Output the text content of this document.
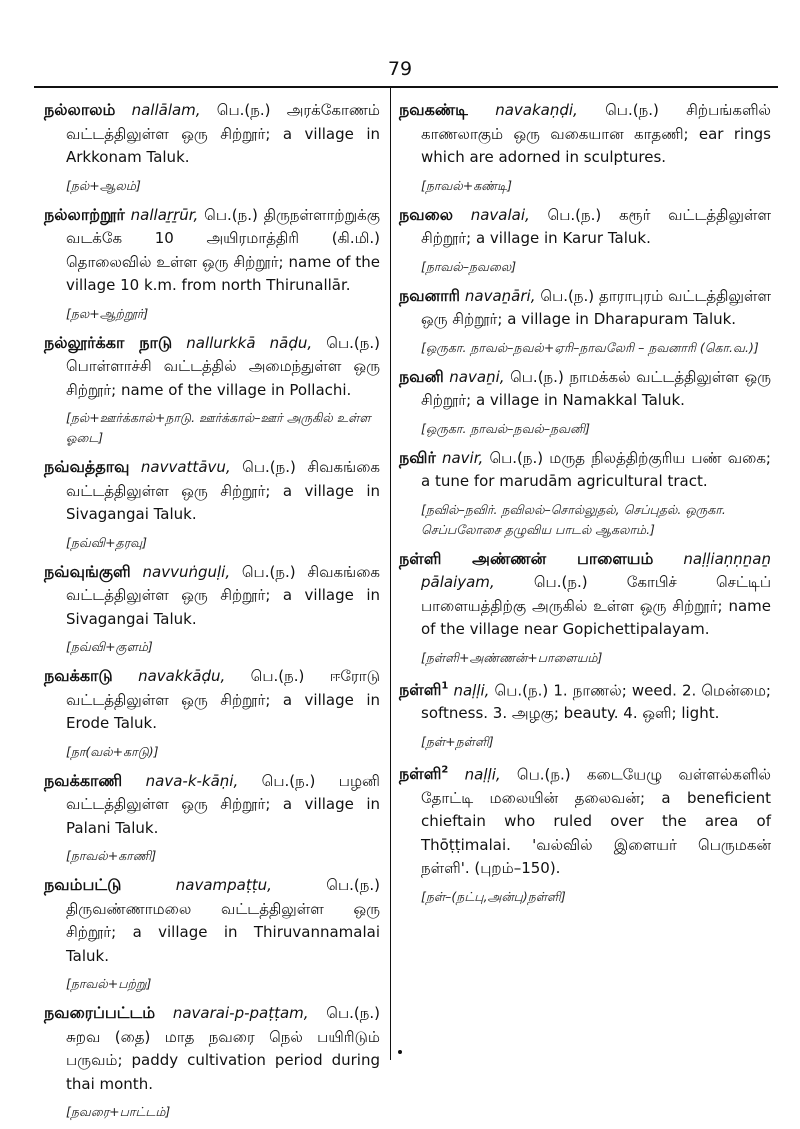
79
நல்லாலம் nallālam, பெ.(ந.) அரக்கோணம் வட்டத்திலுள்ள ஒரு சிற்றூர்; a village in Arkkonam Taluk.
[நல்+ஆலம்]
நல்லாற்றூர் nallaṟṟūr, பெ.(ந.) திருநள்ளாற்றுக்கு வடக்கே 10 அயிரமாத்திரி (கி.மி.) தொலைவில் உள்ள ஒரு சிற்றூர்; name of the village 10 k.m. from north Thirunallār.
[நல+ஆற்றூர்]
நல்லூர்க்கா நாடு nallurkkā nāḍu, பெ.(ந.) பொள்ளாச்சி வட்டத்தில் அமைந்துள்ள ஒரு சிற்றூர்; name of the village in Pollachi.
[நல்+ஊர்க்கால்+நாடு. ஊர்க்கால்–ஊர் அருகில் உள்ள ஓடை]
நவ்வத்தாவு navvattāvu, பெ.(ந.) சிவகங்கை வட்டத்திலுள்ள ஒரு சிற்றூர்; a village in Sivagangai Taluk.
[நவ்வி+தரவு]
நவ்வுங்குளி navvuṅguḷi, பெ.(ந.) சிவகங்கை வட்டத்திலுள்ள ஒரு சிற்றூர்; a village in Sivagangai Taluk.
[நவ்வி+குளம்]
நவக்காடு navakkāḍu, பெ.(ந.) ஈரோடு வட்டத்திலுள்ள ஒரு சிற்றூர்; a village in Erode Taluk.
[நா(வல்+காடு)]
நவக்காணி nava-k-kāṇi, பெ.(ந.) பழனி வட்டத்திலுள்ள ஒரு சிற்றூர்; a village in Palani Taluk.
[நாவல்+காணி]
நவம்பட்டு	navampaṭṭu, பெ.(ந.) திருவண்ணாமலை வட்டத்திலுள்ள ஒரு சிற்றூர்; a village in Thiruvannamalai Taluk.
[நாவல்+பற்று]
நவரைப்பட்டம் navarai-p-paṭṭam, பெ.(ந.) சுறவ (தை) மாத நவரை நெல் பயிரிடும் பருவம்; paddy cultivation period during thai month.
[நவரை+பாட்டம்]
நவகண்டி navakaṇḍi, பெ.(ந.) சிற்பங்களில் காணலாகும் ஒரு வகையான காதணி; ear rings which are adorned in sculptures.
[நாவல்+கண்டி]
நவலை navalai, பெ.(ந.) கரூர் வட்டத்திலுள்ள சிற்றூர்; a village in Karur Taluk.
[நாவல்–நவலை]
நவனாரி navaṉāri, பெ.(ந.) தாராபுரம் வட்டத்திலுள்ள ஒரு சிற்றூர்; a village in Dharapuram Taluk.
[ஒருகா. நாவல்–நவல்+ஏரி–நாவலேரி – நவனாரி (கொ.வ.)]
நவனி navaṉi, பெ.(ந.) நாமக்கல் வட்டத்திலுள்ள ஒரு சிற்றூர்; a village in Namakkal Taluk.
[ஒருகா. நாவல்–நவல்–நவனி]
நவிர் navir, பெ.(ந.) மருத நிலத்திற்குரிய பண் வகை; a tune for marudām agricultural tract.
[நவில்–நவிர். நவிலல்–சொல்லுதல், செப்புதல். ஒருகா. செப்பலோசை தழுவிய பாடல் ஆகலாம்.]
நள்ளி அண்ணன் பாளையம் naḷḷiaṇṇṉaṉ pālaiyam, பெ.(ந.) கோபிச் செட்டிப் பாளையத்திற்கு அருகில் உள்ள ஒரு சிற்றூர்; name of the village near Gopichettipalayam.
[நள்ளி+அண்ணன்+பாளையம்]
நள்ளி$^1$ naḷḷi, பெ.(ந.) 1. நாணல்; weed. 2. மென்மை; softness. 3. அழகு; beauty. 4. ஒளி; light.
[நள்+நள்ளி]
நள்ளி$^2$ naḷḷi, பெ.(ந.) கடையேழு வள்ளல்களில் தோட்டி மலையின் தலைவன்; a beneficient chieftain who ruled over the area of Thōṭṭimalai. 'வல்வில் இளையர் பெருமகன் நள்ளி'. (புறம்–150).
[நள்–(நட்பு,அன்பு)நள்ளி]
